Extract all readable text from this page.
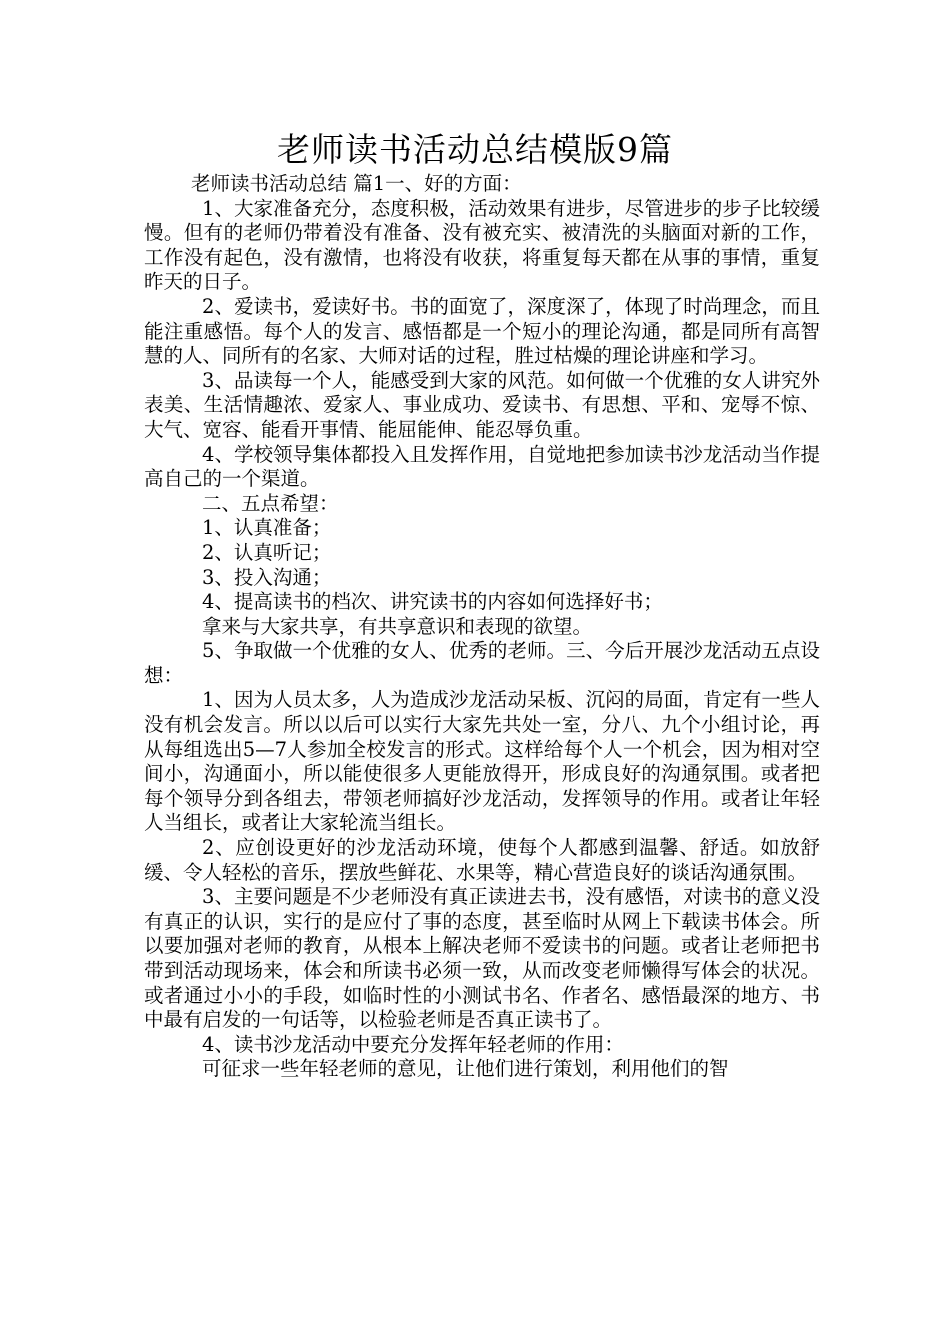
老师读书活动总结模版9篇

老师读书活动总结 篇1一、好的方面：

1、大家准备充分，态度积极，活动效果有进步，尽管进步的步子比较缓慢。但有的老师仍带着没有准备、没有被充实、被清洗的头脑面对新的工作，工作没有起色，没有激情，也将没有收获，将重复每天都在从事的事情，重复昨天的日子。

2、爱读书，爱读好书。书的面宽了，深度深了，体现了时尚理念，而且能注重感悟。每个人的发言、感悟都是一个短小的理论沟通，都是同所有高智慧的人、同所有的名家、大师对话的过程，胜过枯燥的理论讲座和学习。

3、品读每一个人，能感受到大家的风范。如何做一个优雅的女人讲究外表美、生活情趣浓、爱家人、事业成功、爱读书、有思想、平和、宠辱不惊、大气、宽容、能看开事情、能屈能伸、能忍辱负重。

4、学校领导集体都投入且发挥作用，自觉地把参加读书沙龙活动当作提高自己的一个渠道。

二、五点希望：

1、认真准备；

2、认真听记；

3、投入沟通；

4、提高读书的档次、讲究读书的内容如何选择好书；

拿来与大家共享，有共享意识和表现的欲望。

5、争取做一个优雅的女人、优秀的老师。三、今后开展沙龙活动五点设想：

1、因为人员太多，人为造成沙龙活动呆板、沉闷的局面，肯定有一些人没有机会发言。所以以后可以实行大家先共处一室，分八、九个小组讨论，再从每组选出5—7人参加全校发言的形式。这样给每个人一个机会，因为相对空间小，沟通面小，所以能使很多人更能放得开，形成良好的沟通氛围。或者把每个领导分到各组去，带领老师搞好沙龙活动，发挥领导的作用。或者让年轻人当组长，或者让大家轮流当组长。

2、应创设更好的沙龙活动环境，使每个人都感到温馨、舒适。如放舒缓、令人轻松的音乐，摆放些鲜花、水果等，精心营造良好的谈话沟通氛围。

3、主要问题是不少老师没有真正读进去书，没有感悟，对读书的意义没有真正的认识，实行的是应付了事的态度，甚至临时从网上下载读书体会。所以要加强对老师的教育，从根本上解决老师不爱读书的问题。或者让老师把书带到活动现场来，体会和所读书必须一致，从而改变老师懒得写体会的状况。或者通过小小的手段，如临时性的小测试书名、作者名、感悟最深的地方、书中最有启发的一句话等，以检验老师是否真正读书了。

4、读书沙龙活动中要充分发挥年轻老师的作用：

可征求一些年轻老师的意见，让他们进行策划，利用他们的智
